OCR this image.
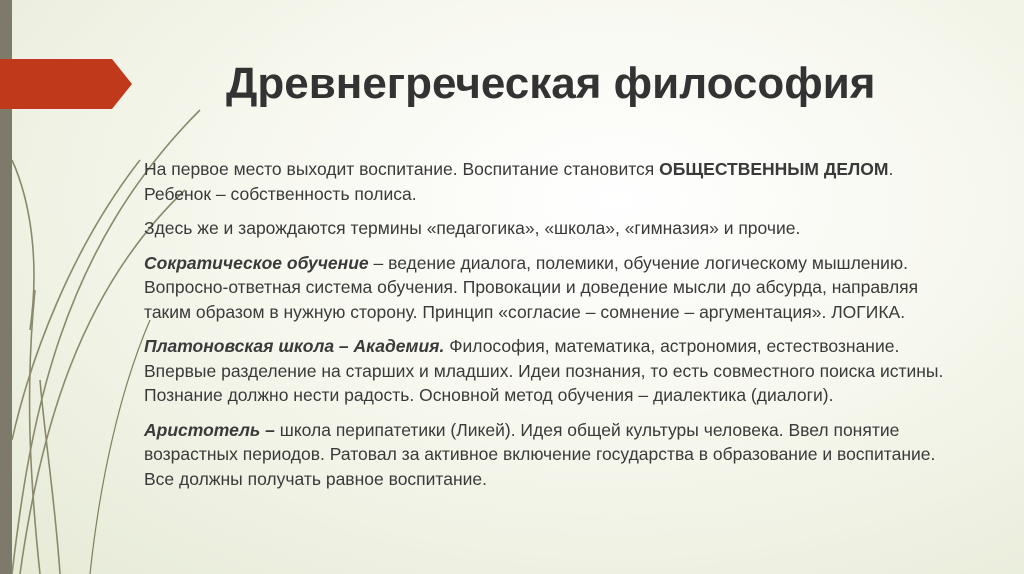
Древнегреческая философия

На первое место выходит воспитание. Воспитание становится ОБЩЕСТВЕННЫМ ДЕЛОМ. Ребенок – собственность полиса.

Здесь же и зарождаются термины «педагогика», «школа», «гимназия» и прочие.

Сократическое обучение – ведение диалога, полемики, обучение логическому мышлению. Вопросно-ответная система обучения. Провокации и доведение мысли до абсурда, направляя таким образом в нужную сторону. Принцип «согласие – сомнение – аргументация». ЛОГИКА.

Платоновская школа – Академия. Философия, математика, астрономия, естествознание. Впервые разделение на старших и младших. Идеи познания, то есть совместного поиска истины. Познание должно нести радость. Основной метод обучения – диалектика (диалоги).

Аристотель – школа перипатетики (Ликей). Идея общей культуры человека. Ввел понятие возрастных периодов. Ратовал за активное включение государства в образование и воспитание. Все должны получать равное воспитание.
